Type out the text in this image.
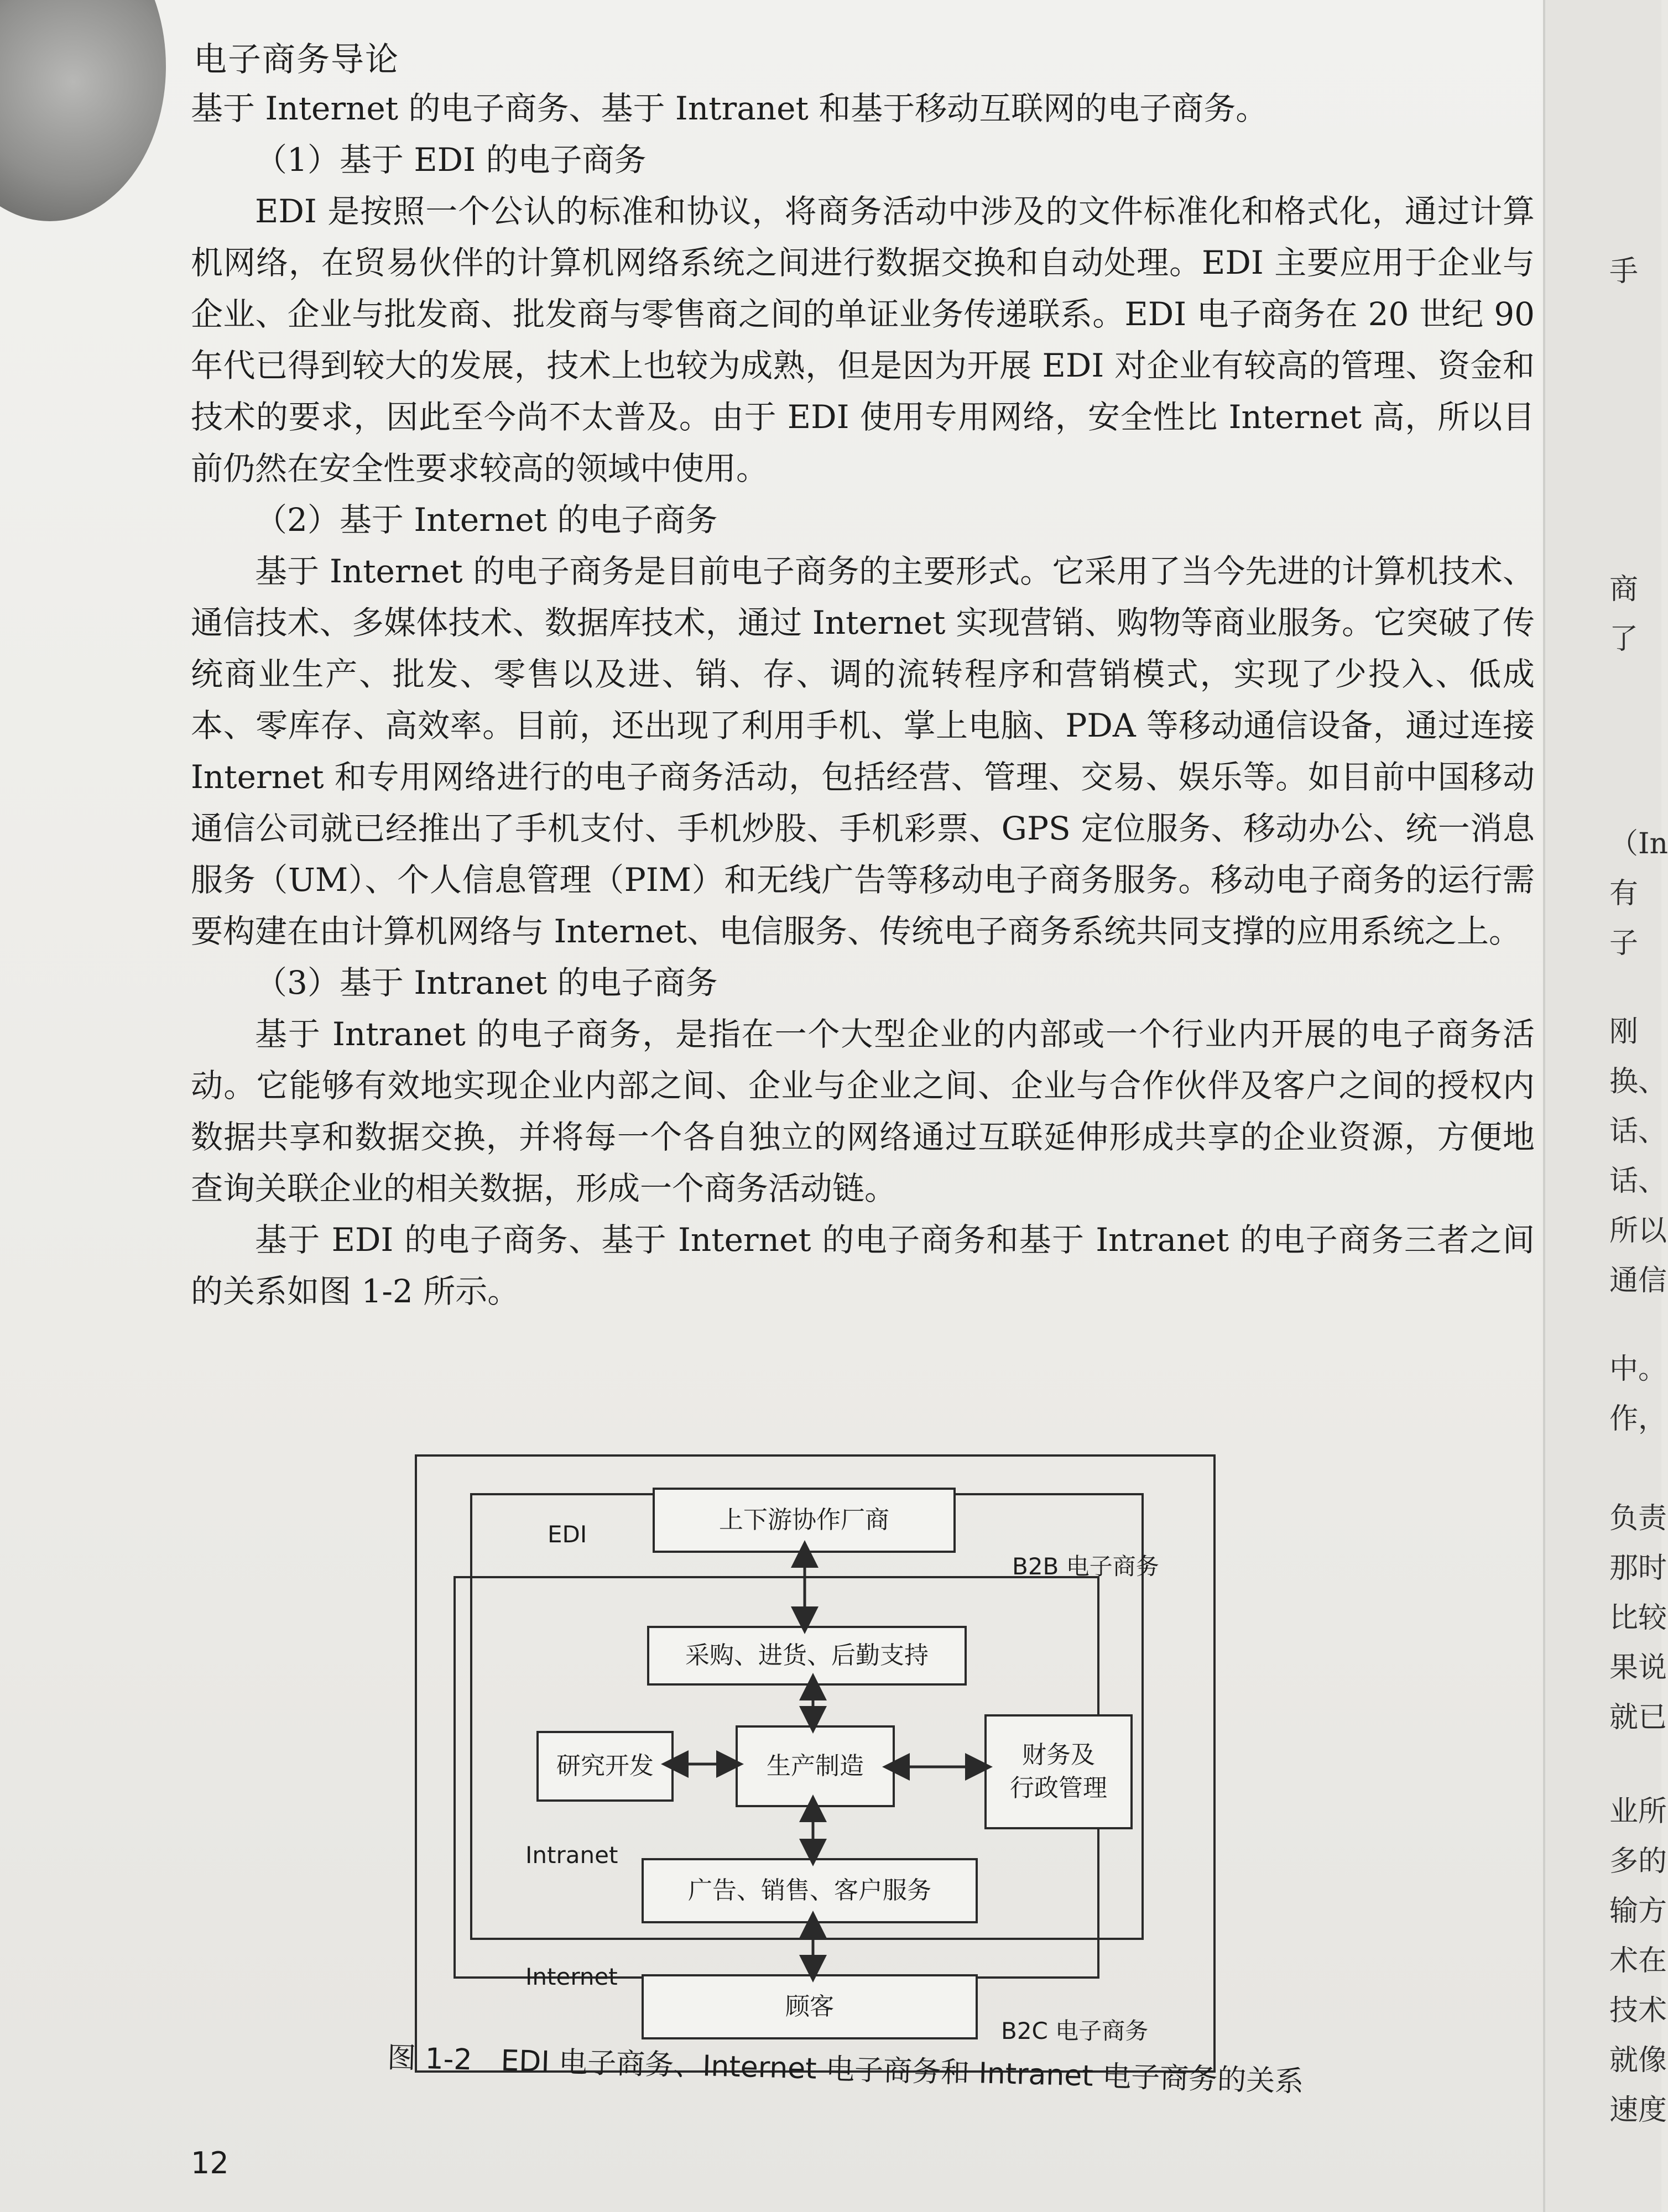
电子商务导论

基于 Internet 的电子商务、基于 Intranet 和基于移动互联网的电子商务。

（1）基于 EDI 的电子商务

EDI 是按照一个公认的标准和协议，将商务活动中涉及的文件标准化和格式化，通过计算机网络，在贸易伙伴的计算机网络系统之间进行数据交换和自动处理。EDI 主要应用于企业与企业、企业与批发商、批发商与零售商之间的单证业务传递联系。EDI 电子商务在 20 世纪 90 年代已得到较大的发展，技术上也较为成熟，但是因为开展 EDI 对企业有较高的管理、资金和技术的要求，因此至今尚不太普及。由于 EDI 使用专用网络，安全性比 Internet 高，所以目前仍然在安全性要求较高的领域中使用。

（2）基于 Internet 的电子商务

基于 Internet 的电子商务是目前电子商务的主要形式。它采用了当今先进的计算机技术、通信技术、多媒体技术、数据库技术，通过 Internet 实现营销、购物等商业服务。它突破了传统商业生产、批发、零售以及进、销、存、调的流转程序和营销模式，实现了少投入、低成本、零库存、高效率。目前，还出现了利用手机、掌上电脑、PDA 等移动通信设备，通过连接 Internet 和专用网络进行的电子商务活动，包括经营、管理、交易、娱乐等。如目前中国移动通信公司就已经推出了手机支付、手机炒股、手机彩票、GPS 定位服务、移动办公、统一消息服务（UM）、个人信息管理（PIM）和无线广告等移动电子商务服务。移动电子商务的运行需要构建在由计算机网络与 Internet、电信服务、传统电子商务系统共同支撑的应用系统之上。

（3）基于 Intranet 的电子商务

基于 Intranet 的电子商务，是指在一个大型企业的内部或一个行业内开展的电子商务活动。它能够有效地实现企业内部之间、企业与企业之间、企业与合作伙伴及客户之间的授权内数据共享和数据交换，并将每一个各自独立的网络通过互联延伸形成共享的企业资源，方便地查询关联企业的相关数据，形成一个商务活动链。

基于 EDI 的电子商务、基于 Internet 的电子商务和基于 Intranet 的电子商务三者之间的关系如图 1-2 所示。

EDI
B2B 电子商务
Intranet
Internet
B2C 电子商务
上下游协作厂商
采购、进货、后勤支持
研究开发	生产制造	财务及
行政管理
广告、销售、客户服务
顾客
图 1-2　EDI 电子商务、Internet 电子商务和 Intranet 电子商务的关系
12
手
商
了
（In
有
子
刚
换、
话、
话、
所以
通信
中。
作，
负责
那时
比较
果说
就已
业所
多的
输方
术在
技术
就像
速度
